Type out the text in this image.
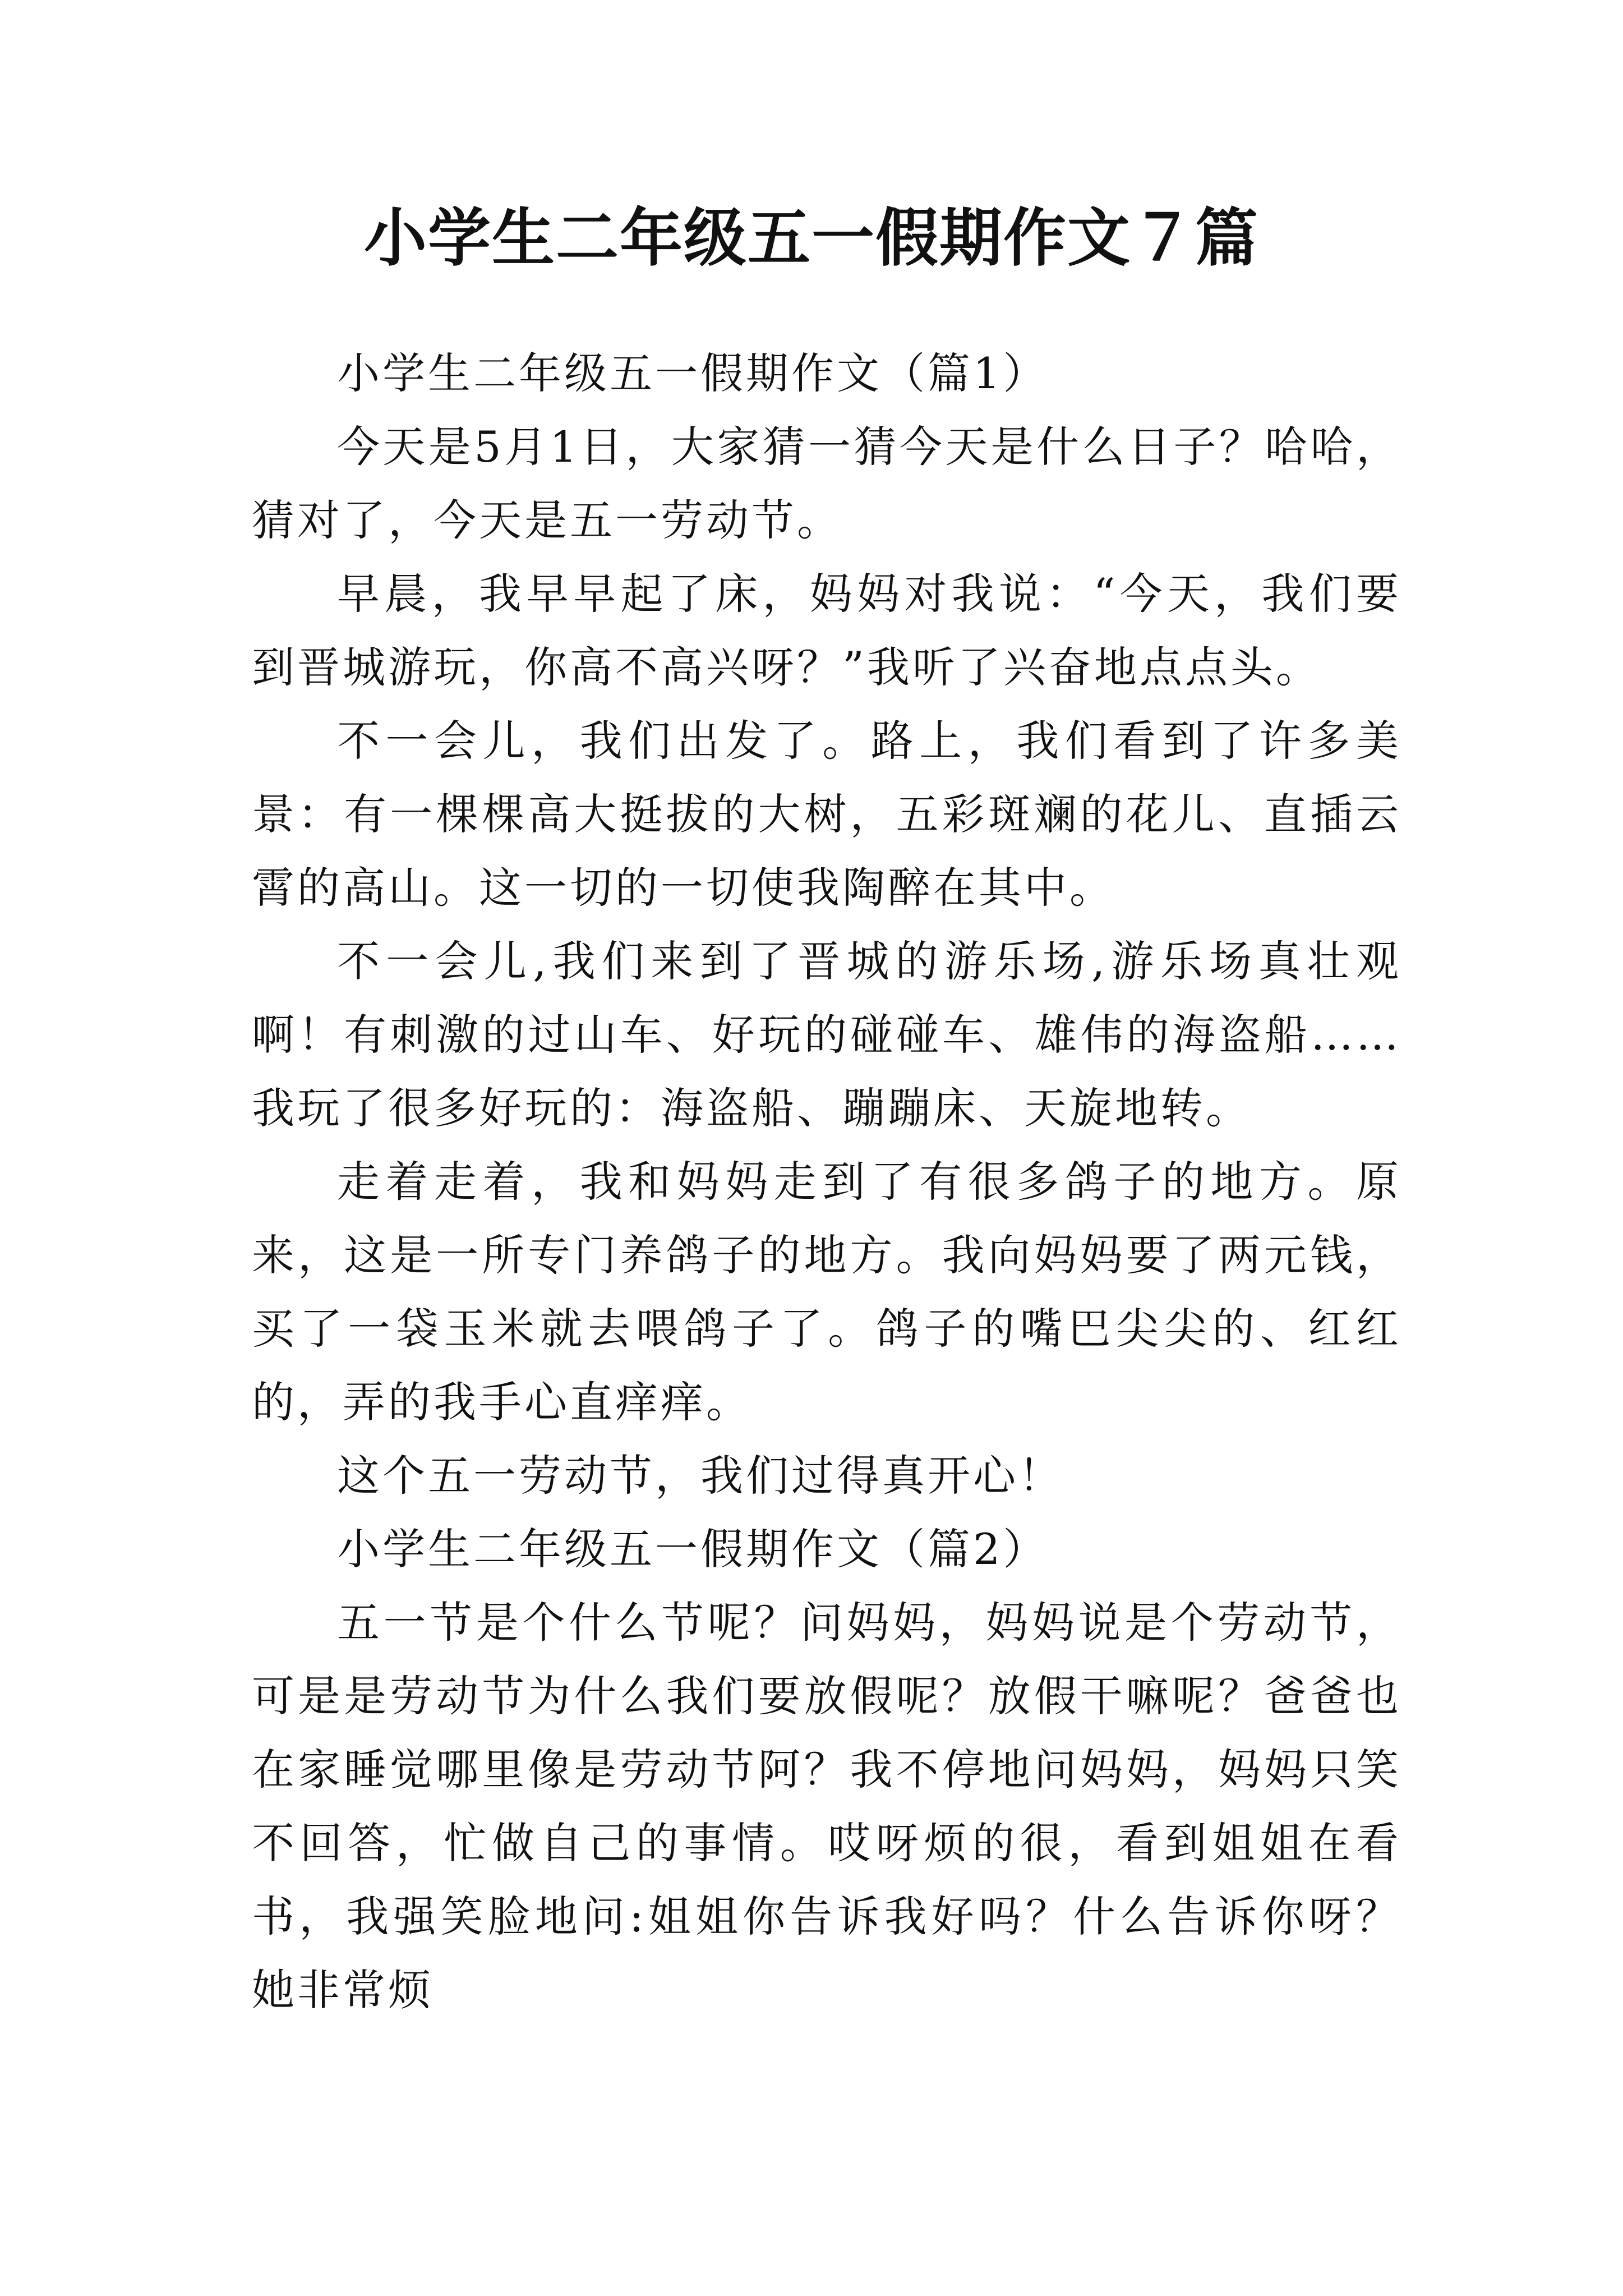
小学生二年级五一假期作文７篇

小学生二年级五一假期作文（篇1）

今天是5月1日，大家猜一猜今天是什么日子？哈哈，猜对了，今天是五一劳动节。

早晨，我早早起了床，妈妈对我说：“今天，我们要到晋城游玩，你高不高兴呀？”我听了兴奋地点点头。

不一会儿，我们出发了。路上，我们看到了许多美景：有一棵棵高大挺拔的大树，五彩斑斓的花儿、直插云霄的高山。这一切的一切使我陶醉在其中。

不一会儿,我们来到了晋城的游乐场,游乐场真壮观啊！有刺激的过山车、好玩的碰碰车、雄伟的海盗船……我玩了很多好玩的：海盗船、蹦蹦床、天旋地转。

走着走着，我和妈妈走到了有很多鸽子的地方。原来，这是一所专门养鸽子的地方。我向妈妈要了两元钱，买了一袋玉米就去喂鸽子了。鸽子的嘴巴尖尖的、红红的，弄的我手心直痒痒。

这个五一劳动节，我们过得真开心！

小学生二年级五一假期作文（篇2）

五一节是个什么节呢？问妈妈，妈妈说是个劳动节，可是是劳动节为什么我们要放假呢？放假干嘛呢？爸爸也在家睡觉哪里像是劳动节阿？我不停地问妈妈，妈妈只笑不回答，忙做自己的事情。哎呀烦的很，看到姐姐在看书，我强笑脸地问:姐姐你告诉我好吗？什么告诉你呀？她非常烦
